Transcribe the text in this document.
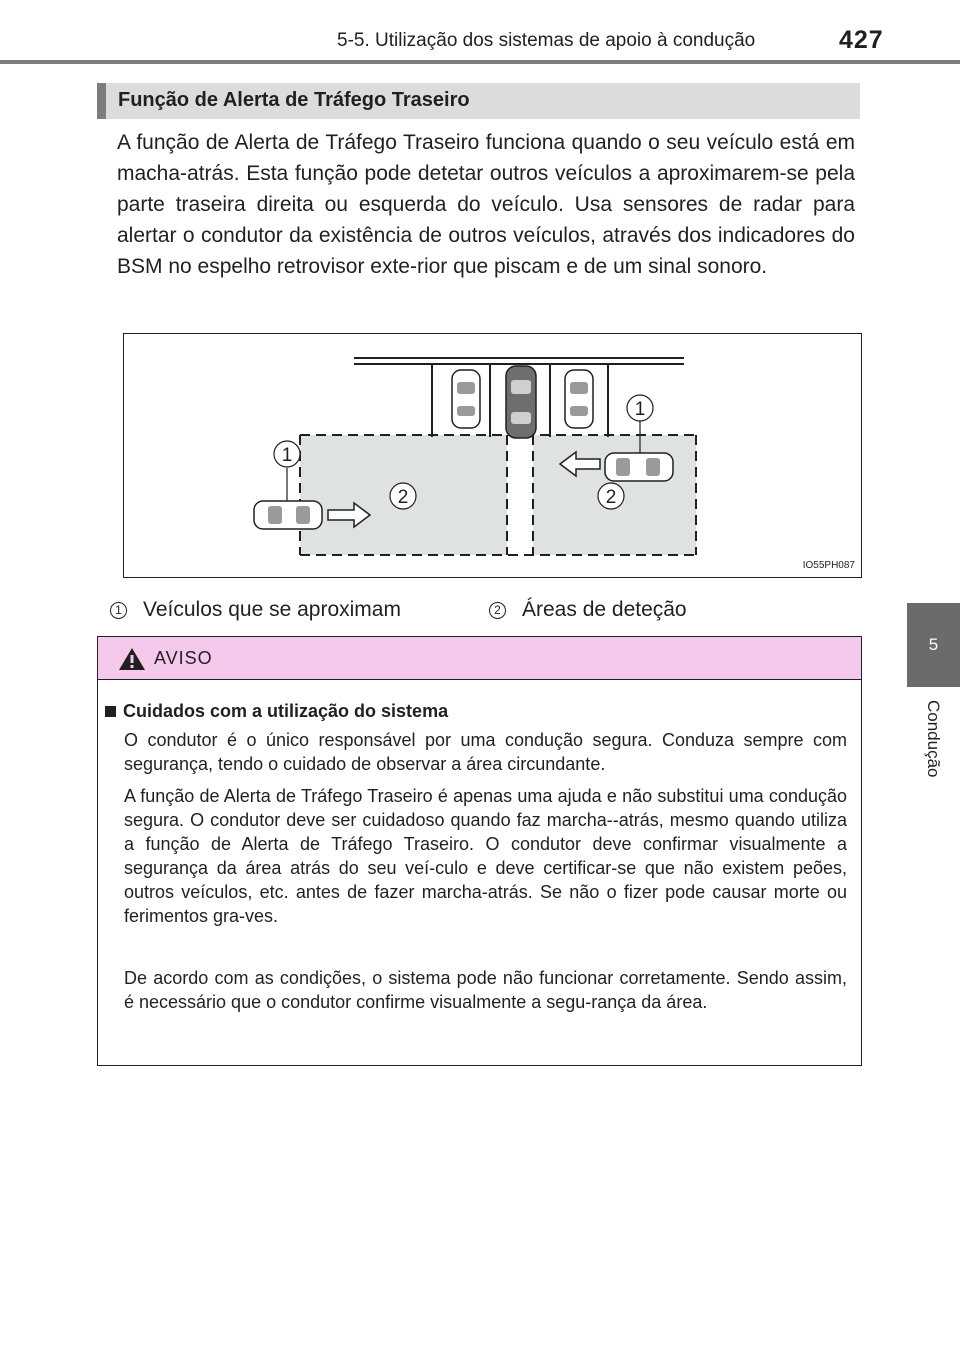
5-5. Utilização dos sistemas de apoio à condução	427
5
Condução
Função de Alerta de Tráfego Traseiro

A função de Alerta de Tráfego Traseiro funciona quando o seu veículo está em macha-atrás. Esta função pode detetar outros veículos a aproximarem-se pela parte traseira direita ou esquerda do veículo. Usa sensores de radar para alertar o condutor da existência de outros veículos, através dos indicadores do BSM no espelho retrovisor exte-rior que piscam e de um sinal sonoro.

1
1
2	2
IO55PH087
1 Veículos que se aproximam	2 Áreas de deteção
AVISO
Cuidados com a utilização do sistema

O condutor é o único responsável por uma condução segura. Conduza sempre com segurança, tendo o cuidado de observar a área circundante.

A função de Alerta de Tráfego Traseiro é apenas uma ajuda e não substitui uma condução segura. O condutor deve ser cuidadoso quando faz marcha--atrás, mesmo quando utiliza a função de Alerta de Tráfego Traseiro. O condutor deve confirmar visualmente a segurança da área atrás do seu veí-culo e deve certificar-se que não existem peões, outros veículos, etc. antes de fazer marcha-atrás. Se não o fizer pode causar morte ou ferimentos gra-ves.

De acordo com as condições, o sistema pode não funcionar corretamente. Sendo assim, é necessário que o condutor confirme visualmente a segu-rança da área.
